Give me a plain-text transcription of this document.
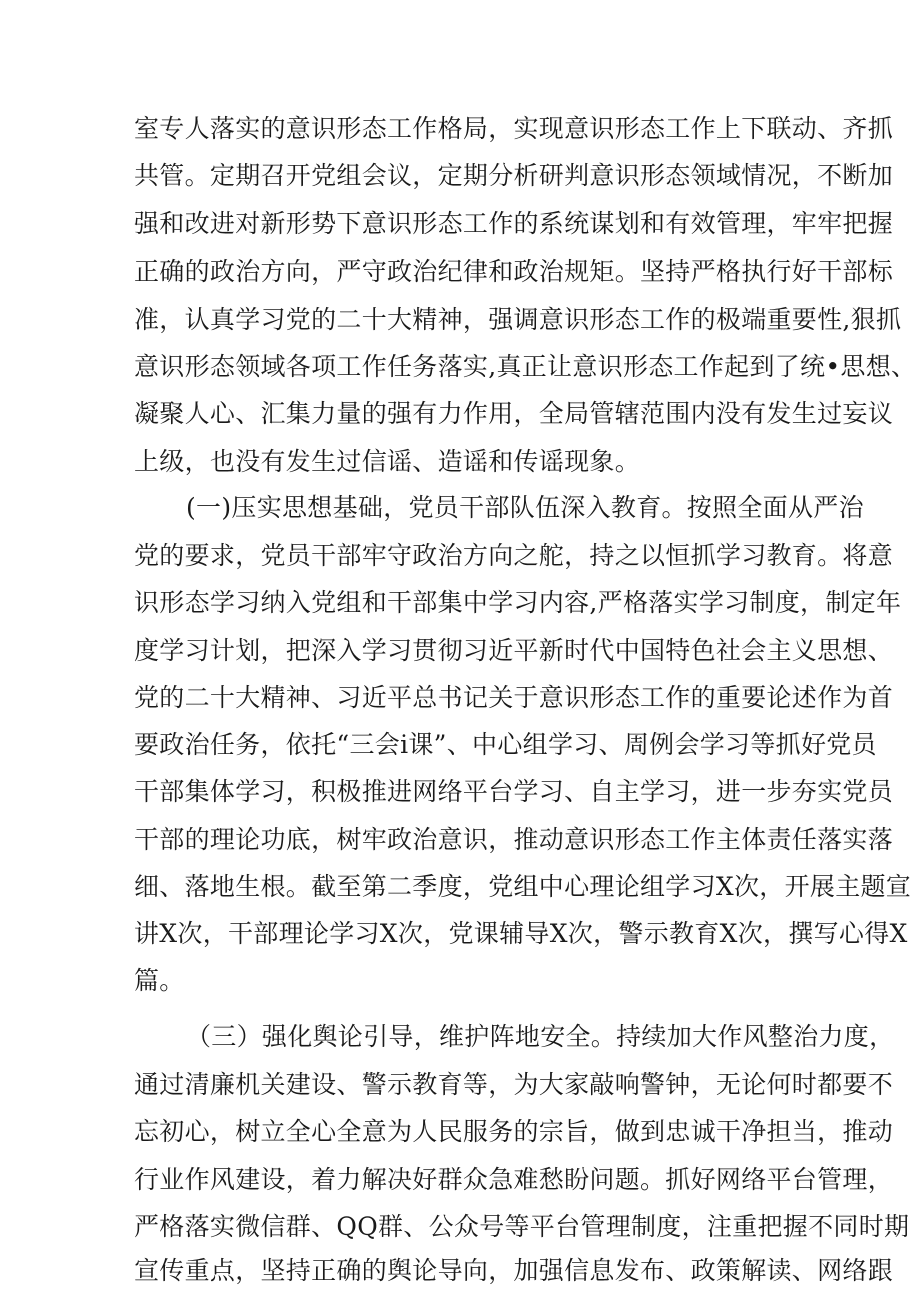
室专人落实的意识形态工作格局，实现意识形态工作上下联动、齐抓

共管。定期召开党组会议，定期分析研判意识形态领域情况，不断加

强和改进对新形势下意识形态工作的系统谋划和有效管理，牢牢把握

正确的政治方向，严守政治纪律和政治规矩。坚持严格执行好干部标

准，认真学习党的二十大精神，强调意识形态工作的极端重要性,狠抓

意识形态领域各项工作任务落实,真正让意识形态工作起到了统•思想、

凝聚人心、汇集力量的强有力作用，全局管辖范围内没有发生过妄议

上级，也没有发生过信谣、造谣和传谣现象。

(一)压实思想基础，党员干部队伍深入教育。按照全面从严治

党的要求，党员干部牢守政治方向之舵，持之以恒抓学习教育。将意

识形态学习纳入党组和干部集中学习内容,严格落实学习制度，制定年

度学习计划，把深入学习贯彻习近平新时代中国特色社会主义思想、

党的二十大精神、习近平总书记关于意识形态工作的重要论述作为首

要政治任务，依托“三会i课”、中心组学习、周例会学习等抓好党员

干部集体学习，积极推进网络平台学习、自主学习，进一步夯实党员

干部的理论功底，树牢政治意识，推动意识形态工作主体责任落实落

细、落地生根。截至第二季度，党组中心理论组学习X次，开展主题宣

讲X次，干部理论学习X次，党课辅导X次，警示教育X次，撰写心得X

篇。

（三）强化舆论引导，维护阵地安全。持续加大作风整治力度，

通过清廉机关建设、警示教育等，为大家敲响警钟，无论何时都要不

忘初心，树立全心全意为人民服务的宗旨，做到忠诚干净担当，推动

行业作风建设，着力解决好群众急难愁盼问题。抓好网络平台管理，

严格落实微信群、QQ群、公众号等平台管理制度，注重把握不同时期

宣传重点，坚持正确的舆论导向，加强信息发布、政策解读、网络跟
